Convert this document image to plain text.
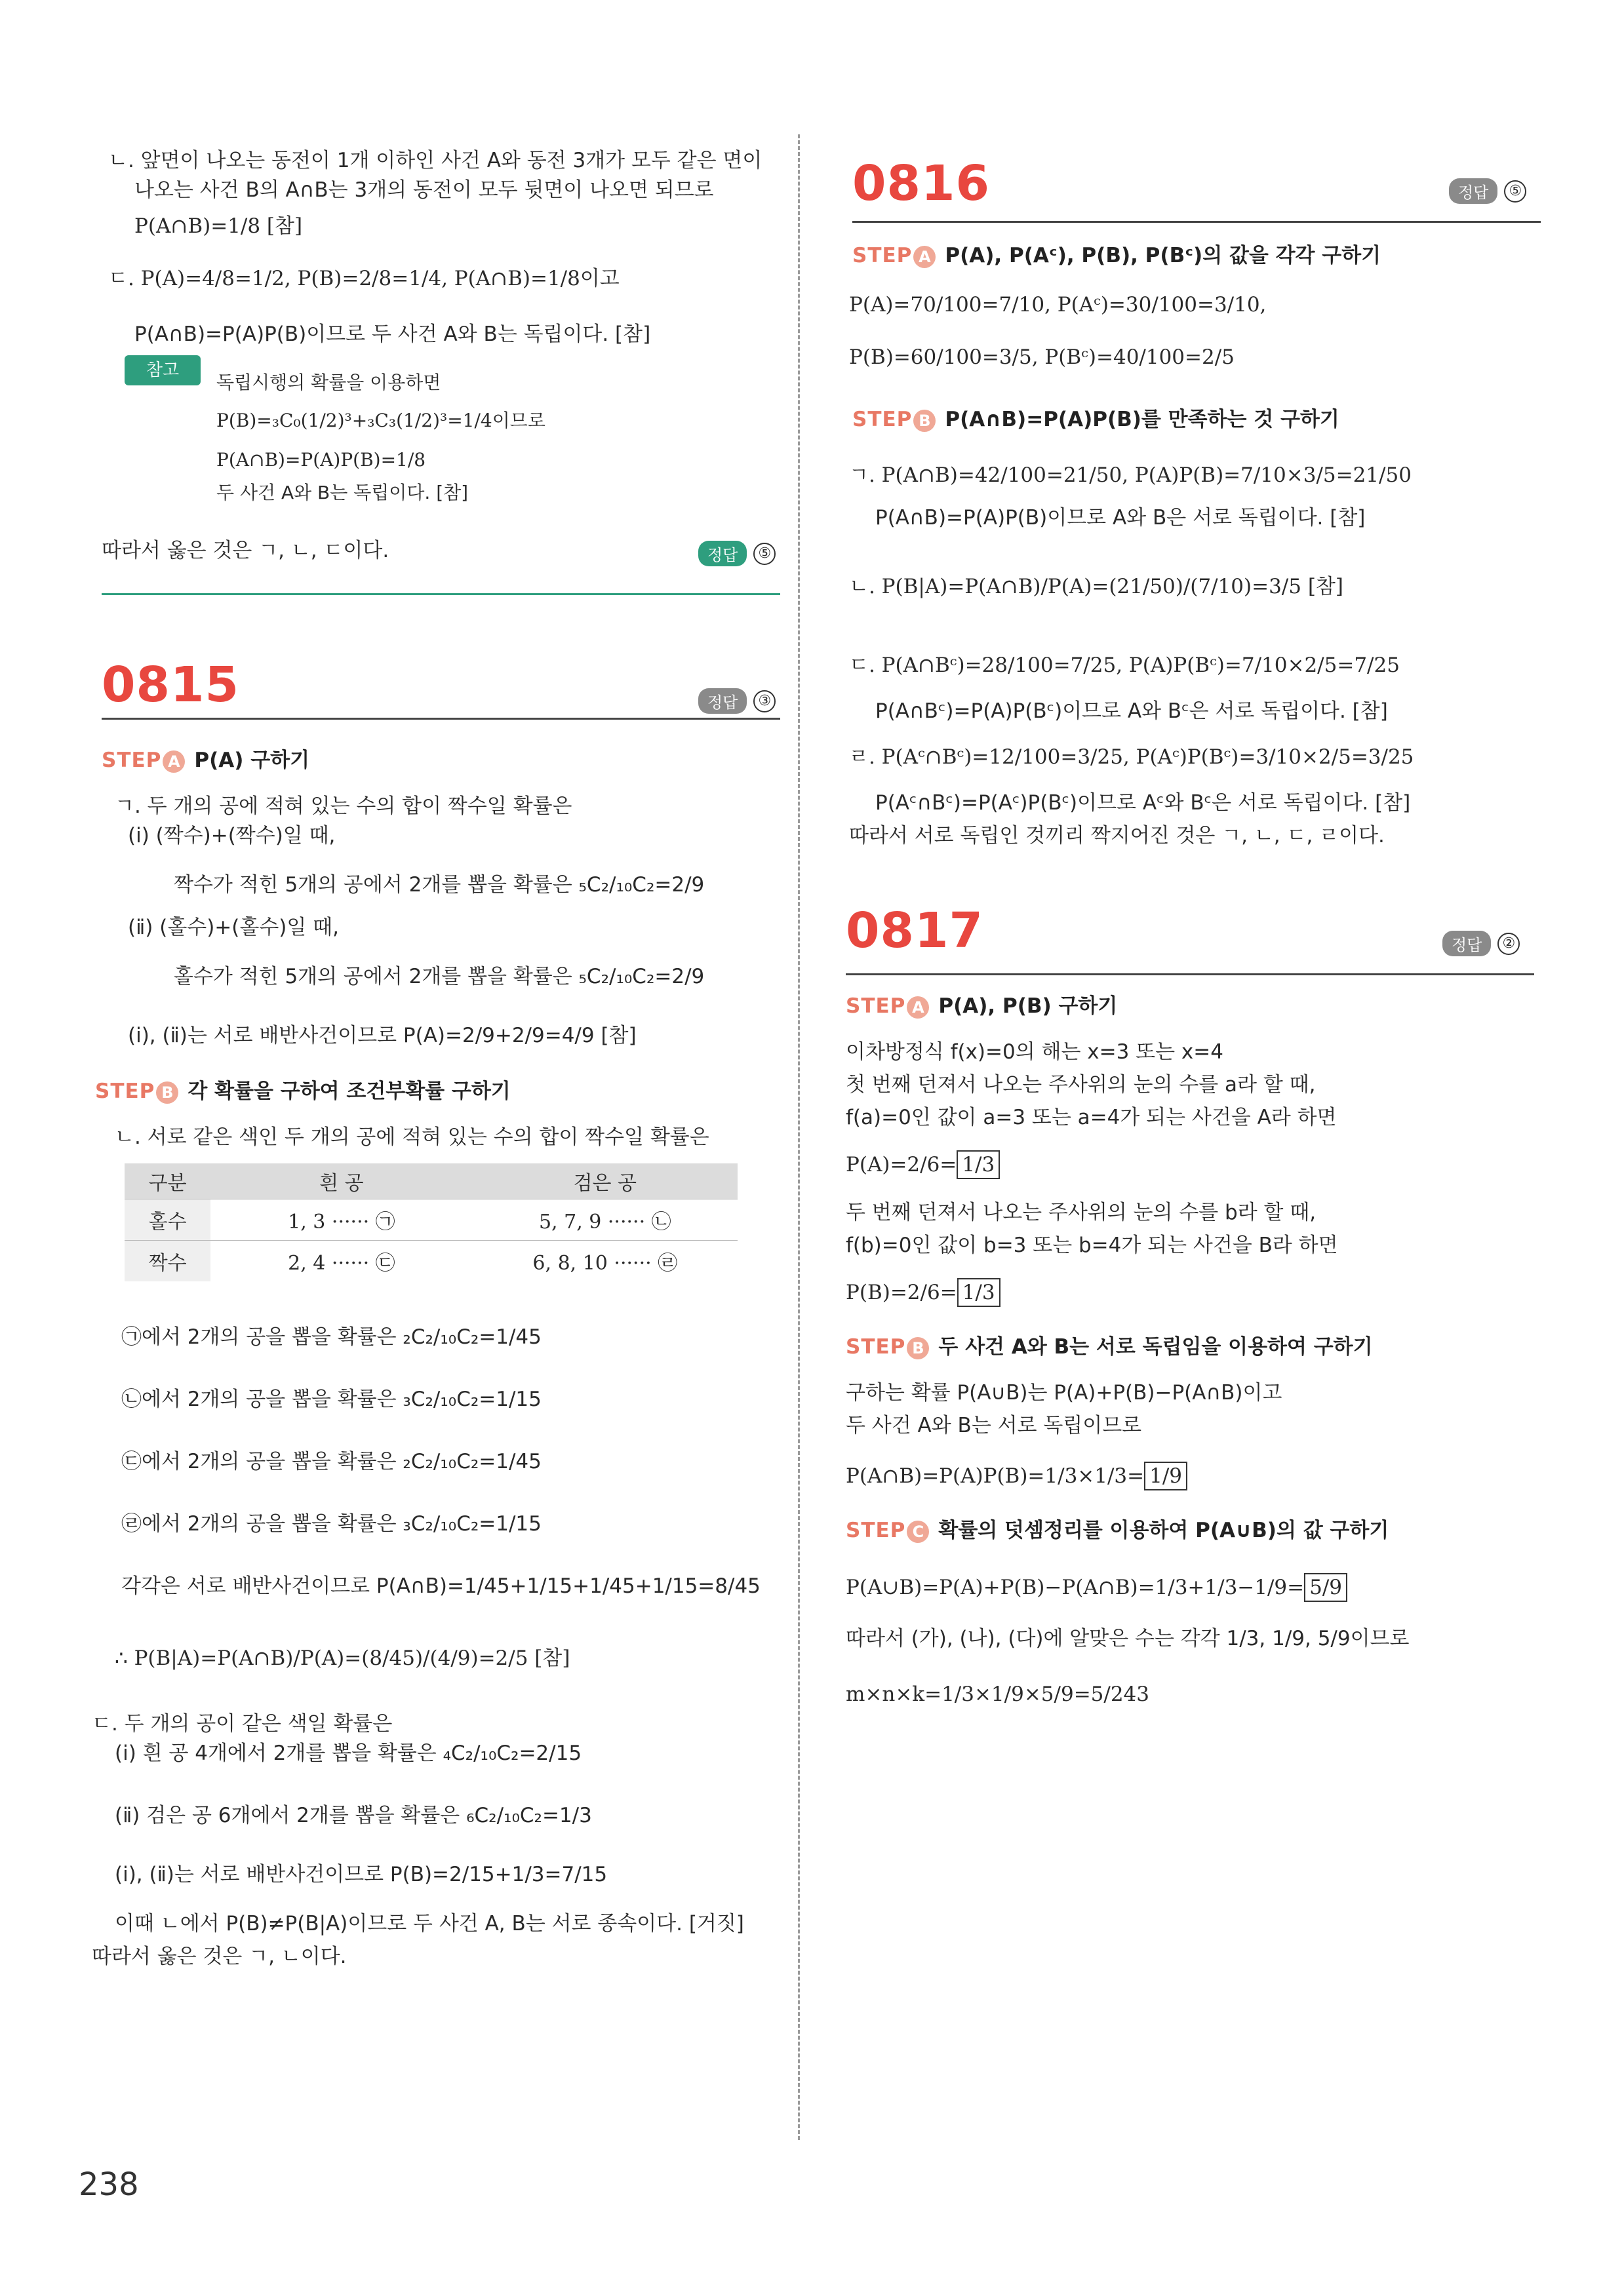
ㄴ. 앞면이 나오는 동전이 1개 이하인 사건 A와 동전 3개가 모두 같은 면이
나오는 사건 B의 A∩B는 3개의 동전이 모두 뒷면이 나오면 되므로
P(A∩B)=1/8 [참]
ㄷ. P(A)=4/8=1/2, P(B)=2/8=1/4, P(A∩B)=1/8이고
P(A∩B)=P(A)P(B)이므로 두 사건 A와 B는 독립이다. [참]
참고
독립시행의 확률을 이용하면
P(B)=₃C₀(1/2)³+₃C₃(1/2)³=1/4이므로
P(A∩B)=P(A)P(B)=1/8
두 사건 A와 B는 독립이다. [참]
따라서 옳은 것은 ㄱ, ㄴ, ㄷ이다.	정답 ⑤
0815	정답 ③
STEP A P(A) 구하기
ㄱ. 두 개의 공에 적혀 있는 수의 합이 짝수일 확률은
(ⅰ) (짝수)+(짝수)일 때,
짝수가 적힌 5개의 공에서 2개를 뽑을 확률은 ₅C₂/₁₀C₂=2/9
(ⅱ) (홀수)+(홀수)일 때,
홀수가 적힌 5개의 공에서 2개를 뽑을 확률은 ₅C₂/₁₀C₂=2/9
(ⅰ), (ⅱ)는 서로 배반사건이므로 P(A)=2/9+2/9=4/9 [참]
STEP B 각 확률을 구하여 조건부확률 구하기
ㄴ. 서로 같은 색인 두 개의 공에 적혀 있는 수의 합이 짝수일 확률은
구분	흰 공	검은 공
홀수	1, 3 ······ ㉠	5, 7, 9 ······ ㉡
짝수	2, 4 ······ ㉢	6, 8, 10 ······ ㉣
㉠에서 2개의 공을 뽑을 확률은 ₂C₂/₁₀C₂=1/45
㉡에서 2개의 공을 뽑을 확률은 ₃C₂/₁₀C₂=1/15
㉢에서 2개의 공을 뽑을 확률은 ₂C₂/₁₀C₂=1/45
㉣에서 2개의 공을 뽑을 확률은 ₃C₂/₁₀C₂=1/15
각각은 서로 배반사건이므로 P(A∩B)=1/45+1/15+1/45+1/15=8/45
∴ P(B|A)=P(A∩B)/P(A)=(8/45)/(4/9)=2/5 [참]
ㄷ. 두 개의 공이 같은 색일 확률은
(ⅰ) 흰 공 4개에서 2개를 뽑을 확률은 ₄C₂/₁₀C₂=2/15
(ⅱ) 검은 공 6개에서 2개를 뽑을 확률은 ₆C₂/₁₀C₂=1/3
(ⅰ), (ⅱ)는 서로 배반사건이므로 P(B)=2/15+1/3=7/15
이때 ㄴ에서 P(B)≠P(B|A)이므로 두 사건 A, B는 서로 종속이다. [거짓]
따라서 옳은 것은 ㄱ, ㄴ이다.
0816	정답 ⑤
STEP A P(A), P(Aᶜ), P(B), P(Bᶜ)의 값을 각각 구하기
P(A)=70/100=7/10, P(Aᶜ)=30/100=3/10,
P(B)=60/100=3/5, P(Bᶜ)=40/100=2/5
STEP B P(A∩B)=P(A)P(B)를 만족하는 것 구하기
ㄱ. P(A∩B)=42/100=21/50, P(A)P(B)=7/10×3/5=21/50
P(A∩B)=P(A)P(B)이므로 A와 B은 서로 독립이다. [참]
ㄴ. P(B|A)=P(A∩B)/P(A)=(21/50)/(7/10)=3/5 [참]
ㄷ. P(A∩Bᶜ)=28/100=7/25, P(A)P(Bᶜ)=7/10×2/5=7/25
P(A∩Bᶜ)=P(A)P(Bᶜ)이므로 A와 Bᶜ은 서로 독립이다. [참]
ㄹ. P(Aᶜ∩Bᶜ)=12/100=3/25, P(Aᶜ)P(Bᶜ)=3/10×2/5=3/25
P(Aᶜ∩Bᶜ)=P(Aᶜ)P(Bᶜ)이므로 Aᶜ와 Bᶜ은 서로 독립이다. [참]
따라서 서로 독립인 것끼리 짝지어진 것은 ㄱ, ㄴ, ㄷ, ㄹ이다.
0817	정답 ②
STEP A P(A), P(B) 구하기
이차방정식 f(x)=0의 해는 x=3 또는 x=4
첫 번째 던져서 나오는 주사위의 눈의 수를 a라 할 때,
f(a)=0인 값이 a=3 또는 a=4가 되는 사건을 A라 하면
P(A)=2/6= 1/3
두 번째 던져서 나오는 주사위의 눈의 수를 b라 할 때,
f(b)=0인 값이 b=3 또는 b=4가 되는 사건을 B라 하면
P(B)=2/6= 1/3
STEP B 두 사건 A와 B는 서로 독립임을 이용하여 구하기
구하는 확률 P(A∪B)는 P(A)+P(B)−P(A∩B)이고
두 사건 A와 B는 서로 독립이므로
P(A∩B)=P(A)P(B)=1/3×1/3= 1/9
STEP C 확률의 덧셈정리를 이용하여 P(A∪B)의 값 구하기
P(A∪B)=P(A)+P(B)−P(A∩B)=1/3+1/3−1/9= 5/9
따라서 (가), (나), (다)에 알맞은 수는 각각 1/3, 1/9, 5/9이므로
m×n×k=1/3×1/9×5/9=5/243
238
